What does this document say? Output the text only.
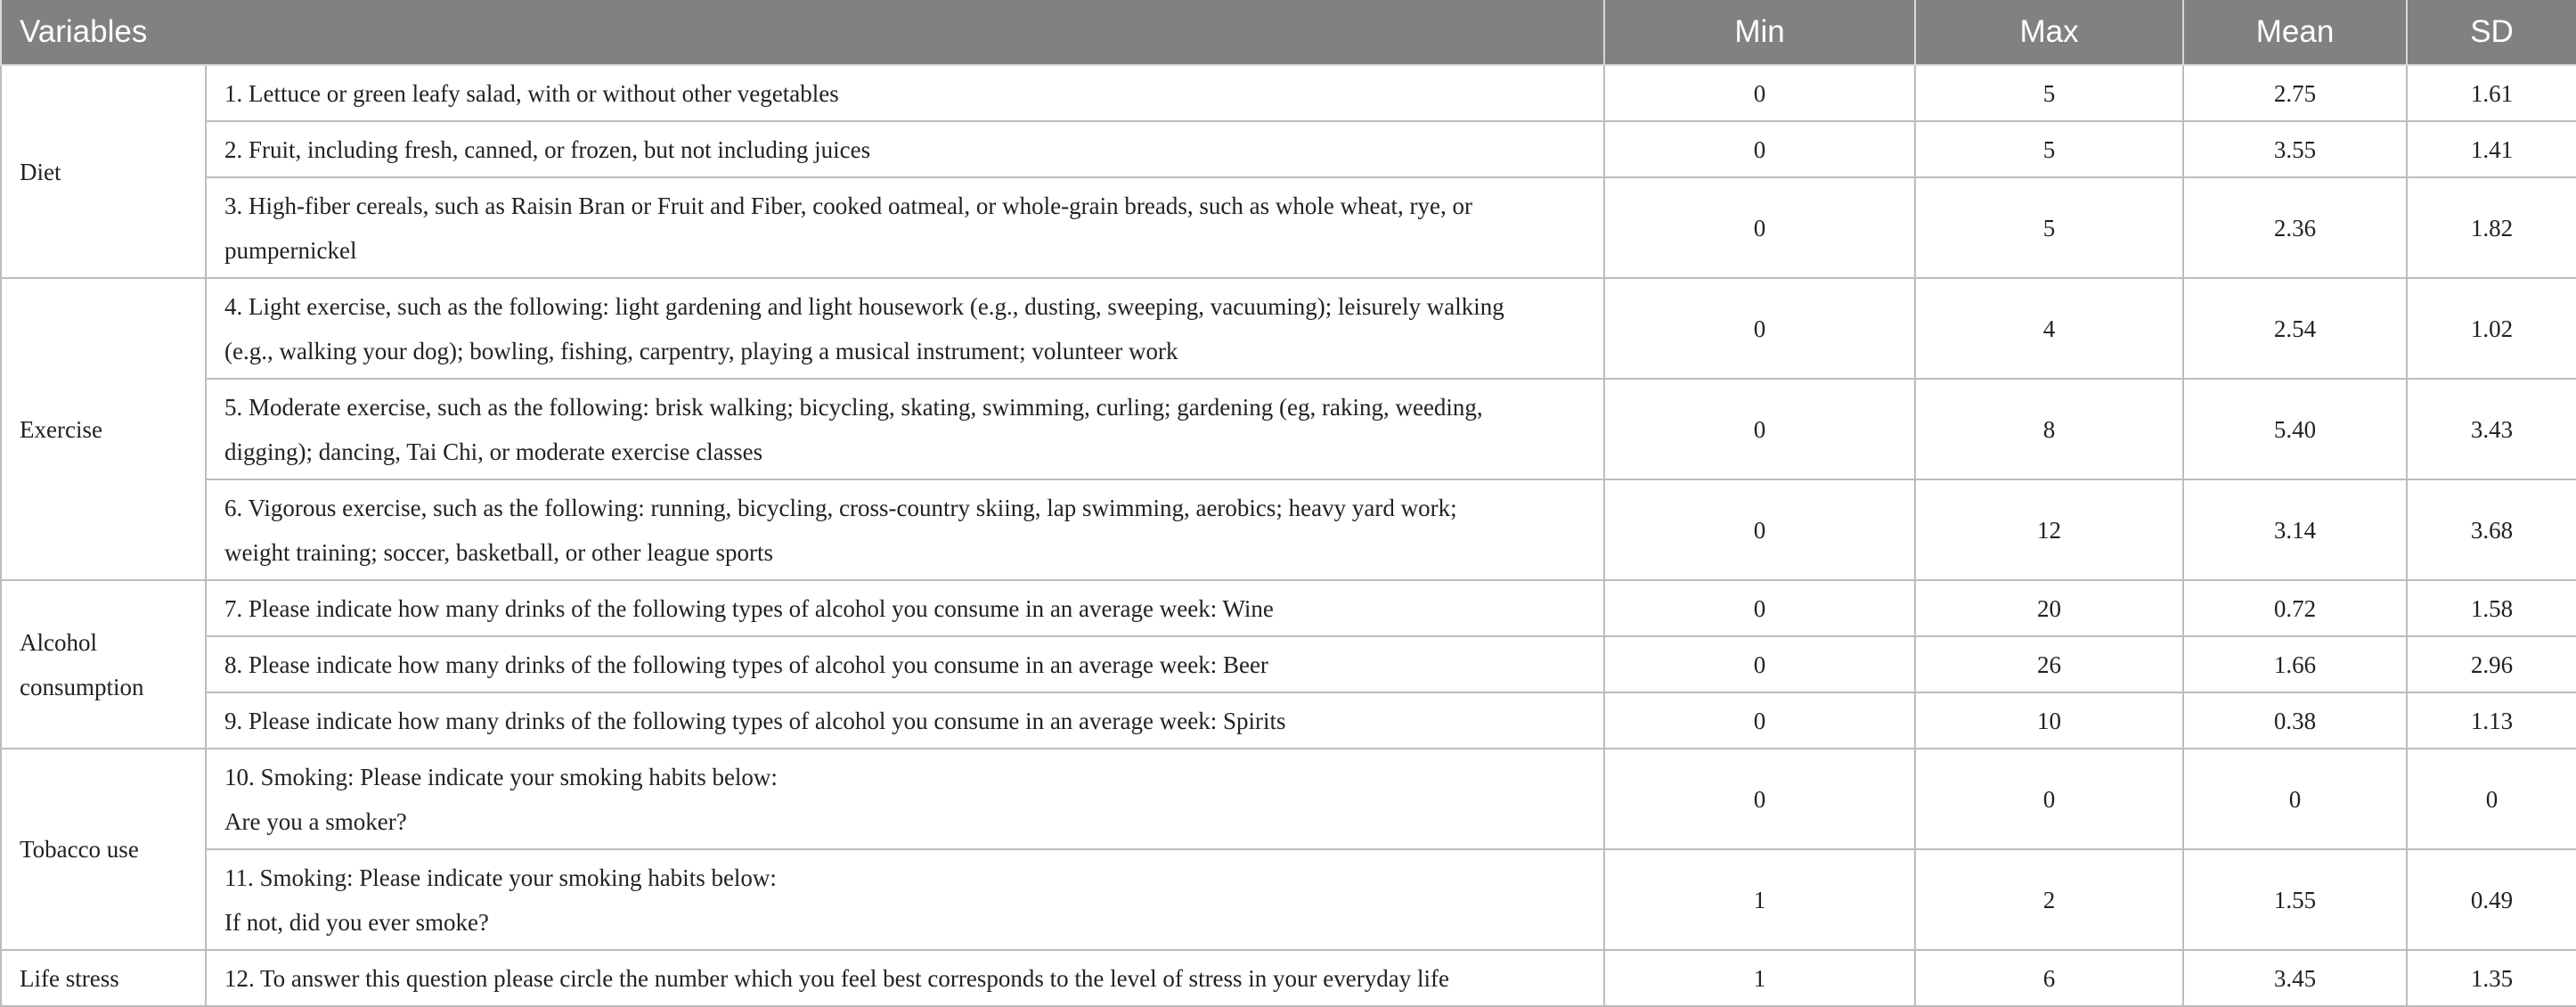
Variables		Min	Max	Mean	SD

Diet	1. Lettuce or green leafy salad, with or without other vegetables	0	5	2.75	1.61

	2. Fruit, including fresh, canned, or frozen, but not including juices	0	5	3.55	1.41

	3. High-fiber cereals, such as Raisin Bran or Fruit and Fiber, cooked oatmeal, or whole-grain breads, such as whole wheat, rye, or
pumpernickel	0	5	2.36	1.82

Exercise	4. Light exercise, such as the following: light gardening and light housework (e.g., dusting, sweeping, vacuuming); leisurely walking
(e.g., walking your dog); bowling, fishing, carpentry, playing a musical instrument; volunteer work	0	4	2.54	1.02

	5. Moderate exercise, such as the following: brisk walking; bicycling, skating, swimming, curling; gardening (eg, raking, weeding,
digging); dancing, Tai Chi, or moderate exercise classes	0	8	5.40	3.43

	6. Vigorous exercise, such as the following: running, bicycling, cross-country skiing, lap swimming, aerobics; heavy yard work;
weight training; soccer, basketball, or other league sports	0	12	3.14	3.68

Alcohol
consumption	7. Please indicate how many drinks of the following types of alcohol you consume in an average week: Wine	0	20	0.72	1.58

	8. Please indicate how many drinks of the following types of alcohol you consume in an average week: Beer	0	26	1.66	2.96

	9. Please indicate how many drinks of the following types of alcohol you consume in an average week: Spirits	0	10	0.38	1.13

Tobacco use	10. Smoking: Please indicate your smoking habits below:
Are you a smoker?	0	0	0	0

	11. Smoking: Please indicate your smoking habits below:
If not, did you ever smoke?	1	2	1.55	0.49

Life stress	12. To answer this question please circle the number which you feel best corresponds to the level of stress in your everyday life	1	6	3.45	1.35
